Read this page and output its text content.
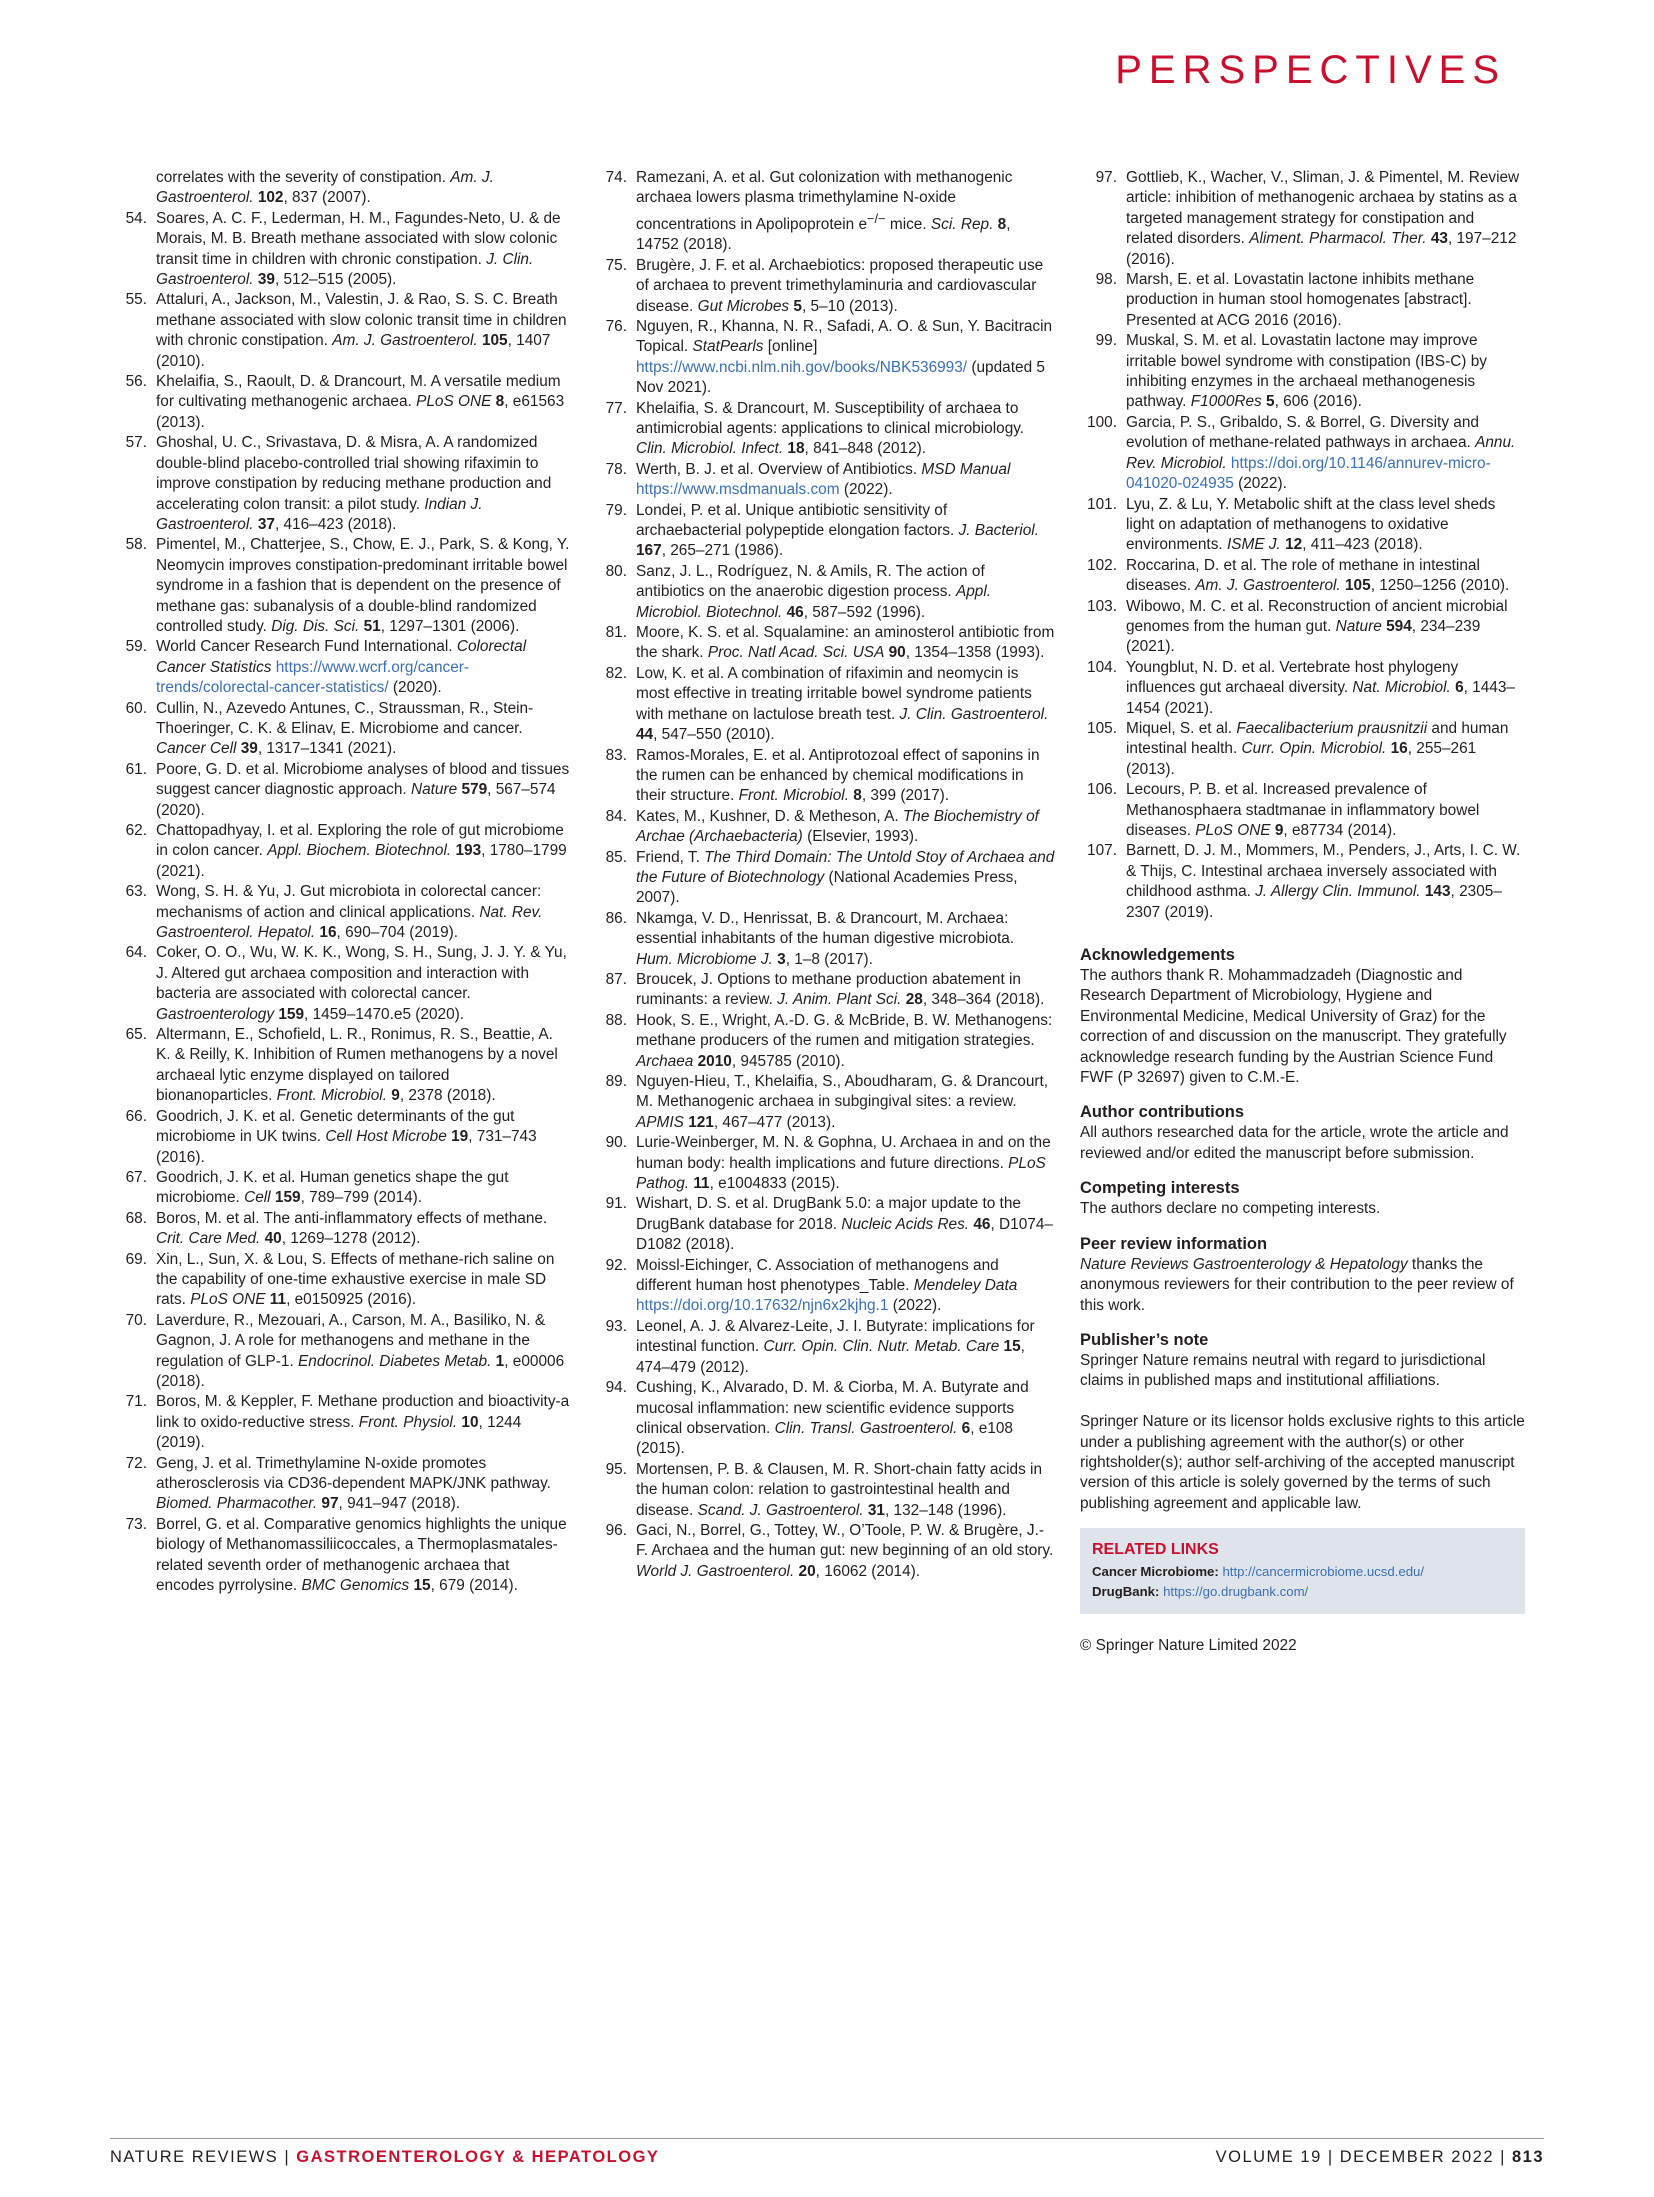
PERSPECTIVES

correlates with the severity of constipation. Am. J. Gastroenterol. 102, 837 (2007).

54. Soares, A. C. F., Lederman, H. M., Fagundes-Neto, U. & de Morais, M. B. Breath methane associated with slow colonic transit time in children with chronic constipation. J. Clin. Gastroenterol. 39, 512–515 (2005).

55. Attaluri, A., Jackson, M., Valestin, J. & Rao, S. S. C. Breath methane associated with slow colonic transit time in children with chronic constipation. Am. J. Gastroenterol. 105, 1407 (2010).

56. Khelaifia, S., Raoult, D. & Drancourt, M. A versatile medium for cultivating methanogenic archaea. PLoS ONE 8, e61563 (2013).

57. Ghoshal, U. C., Srivastava, D. & Misra, A. A randomized double-blind placebo-controlled trial showing rifaximin to improve constipation by reducing methane production and accelerating colon transit: a pilot study. Indian J. Gastroenterol. 37, 416–423 (2018).

58. Pimentel, M., Chatterjee, S., Chow, E. J., Park, S. & Kong, Y. Neomycin improves constipation-predominant irritable bowel syndrome in a fashion that is dependent on the presence of methane gas: subanalysis of a double-blind randomized controlled study. Dig. Dis. Sci. 51, 1297–1301 (2006).

59. World Cancer Research Fund International. Colorectal Cancer Statistics https://www.wcrf.org/cancer-trends/colorectal-cancer-statistics/ (2020).

60. Cullin, N., Azevedo Antunes, C., Straussman, R., Stein-Thoeringer, C. K. & Elinav, E. Microbiome and cancer. Cancer Cell 39, 1317–1341 (2021).

61. Poore, G. D. et al. Microbiome analyses of blood and tissues suggest cancer diagnostic approach. Nature 579, 567–574 (2020).

62. Chattopadhyay, I. et al. Exploring the role of gut microbiome in colon cancer. Appl. Biochem. Biotechnol. 193, 1780–1799 (2021).

63. Wong, S. H. & Yu, J. Gut microbiota in colorectal cancer: mechanisms of action and clinical applications. Nat. Rev. Gastroenterol. Hepatol. 16, 690–704 (2019).

64. Coker, O. O., Wu, W. K. K., Wong, S. H., Sung, J. J. Y. & Yu, J. Altered gut archaea composition and interaction with bacteria are associated with colorectal cancer. Gastroenterology 159, 1459–1470.e5 (2020).

65. Altermann, E., Schofield, L. R., Ronimus, R. S., Beattie, A. K. & Reilly, K. Inhibition of Rumen methanogens by a novel archaeal lytic enzyme displayed on tailored bionanoparticles. Front. Microbiol. 9, 2378 (2018).

66. Goodrich, J. K. et al. Genetic determinants of the gut microbiome in UK twins. Cell Host Microbe 19, 731–743 (2016).

67. Goodrich, J. K. et al. Human genetics shape the gut microbiome. Cell 159, 789–799 (2014).

68. Boros, M. et al. The anti-inflammatory effects of methane. Crit. Care Med. 40, 1269–1278 (2012).

69. Xin, L., Sun, X. & Lou, S. Effects of methane-rich saline on the capability of one-time exhaustive exercise in male SD rats. PLoS ONE 11, e0150925 (2016).

70. Laverdure, R., Mezouari, A., Carson, M. A., Basiliko, N. & Gagnon, J. A role for methanogens and methane in the regulation of GLP-1. Endocrinol. Diabetes Metab. 1, e00006 (2018).

71. Boros, M. & Keppler, F. Methane production and bioactivity-a link to oxido-reductive stress. Front. Physiol. 10, 1244 (2019).

72. Geng, J. et al. Trimethylamine N-oxide promotes atherosclerosis via CD36-dependent MAPK/JNK pathway. Biomed. Pharmacother. 97, 941–947 (2018).

73. Borrel, G. et al. Comparative genomics highlights the unique biology of Methanomassiliicoccales, a Thermoplasmatales-related seventh order of methanogenic archaea that encodes pyrrolysine. BMC Genomics 15, 679 (2014).

74. Ramezani, A. et al. Gut colonization with methanogenic archaea lowers plasma trimethylamine N-oxide concentrations in Apolipoprotein e−/− mice. Sci. Rep. 8, 14752 (2018).

75. Brugère, J. F. et al. Archaebiotics: proposed therapeutic use of archaea to prevent trimethylaminuria and cardiovascular disease. Gut Microbes 5, 5–10 (2013).

76. Nguyen, R., Khanna, N. R., Safadi, A. O. & Sun, Y. Bacitracin Topical. StatPearls [online] https://www.ncbi.nlm.nih.gov/books/NBK536993/ (updated 5 Nov 2021).

77. Khelaifia, S. & Drancourt, M. Susceptibility of archaea to antimicrobial agents: applications to clinical microbiology. Clin. Microbiol. Infect. 18, 841–848 (2012).

78. Werth, B. J. et al. Overview of Antibiotics. MSD Manual https://www.msdmanuals.com (2022).

79. Londei, P. et al. Unique antibiotic sensitivity of archaebacterial polypeptide elongation factors. J. Bacteriol. 167, 265–271 (1986).

80. Sanz, J. L., Rodríguez, N. & Amils, R. The action of antibiotics on the anaerobic digestion process. Appl. Microbiol. Biotechnol. 46, 587–592 (1996).

81. Moore, K. S. et al. Squalamine: an aminosterol antibiotic from the shark. Proc. Natl Acad. Sci. USA 90, 1354–1358 (1993).

82. Low, K. et al. A combination of rifaximin and neomycin is most effective in treating irritable bowel syndrome patients with methane on lactulose breath test. J. Clin. Gastroenterol. 44, 547–550 (2010).

83. Ramos-Morales, E. et al. Antiprotozoal effect of saponins in the rumen can be enhanced by chemical modifications in their structure. Front. Microbiol. 8, 399 (2017).

84. Kates, M., Kushner, D. & Metheson, A. The Biochemistry of Archae (Archaebacteria) (Elsevier, 1993).

85. Friend, T. The Third Domain: The Untold Stoy of Archaea and the Future of Biotechnology (National Academies Press, 2007).

86. Nkamga, V. D., Henrissat, B. & Drancourt, M. Archaea: essential inhabitants of the human digestive microbiota. Hum. Microbiome J. 3, 1–8 (2017).

87. Broucek, J. Options to methane production abatement in ruminants: a review. J. Anim. Plant Sci. 28, 348–364 (2018).

88. Hook, S. E., Wright, A.-D. G. & McBride, B. W. Methanogens: methane producers of the rumen and mitigation strategies. Archaea 2010, 945785 (2010).

89. Nguyen-Hieu, T., Khelaifia, S., Aboudharam, G. & Drancourt, M. Methanogenic archaea in subgingival sites: a review. APMIS 121, 467–477 (2013).

90. Lurie-Weinberger, M. N. & Gophna, U. Archaea in and on the human body: health implications and future directions. PLoS Pathog. 11, e1004833 (2015).

91. Wishart, D. S. et al. DrugBank 5.0: a major update to the DrugBank database for 2018. Nucleic Acids Res. 46, D1074–D1082 (2018).

92. Moissl-Eichinger, C. Association of methanogens and different human host phenotypes_Table. Mendeley Data https://doi.org/10.17632/njn6x2kjhg.1 (2022).

93. Leonel, A. J. & Alvarez-Leite, J. I. Butyrate: implications for intestinal function. Curr. Opin. Clin. Nutr. Metab. Care 15, 474–479 (2012).

94. Cushing, K., Alvarado, D. M. & Ciorba, M. A. Butyrate and mucosal inflammation: new scientific evidence supports clinical observation. Clin. Transl. Gastroenterol. 6, e108 (2015).

95. Mortensen, P. B. & Clausen, M. R. Short-chain fatty acids in the human colon: relation to gastrointestinal health and disease. Scand. J. Gastroenterol. 31, 132–148 (1996).

96. Gaci, N., Borrel, G., Tottey, W., O’Toole, P. W. & Brugère, J.-F. Archaea and the human gut: new beginning of an old story. World J. Gastroenterol. 20, 16062 (2014).

97. Gottlieb, K., Wacher, V., Sliman, J. & Pimentel, M. Review article: inhibition of methanogenic archaea by statins as a targeted management strategy for constipation and related disorders. Aliment. Pharmacol. Ther. 43, 197–212 (2016).

98. Marsh, E. et al. Lovastatin lactone inhibits methane production in human stool homogenates [abstract]. Presented at ACG 2016 (2016).

99. Muskal, S. M. et al. Lovastatin lactone may improve irritable bowel syndrome with constipation (IBS-C) by inhibiting enzymes in the archaeal methanogenesis pathway. F1000Res 5, 606 (2016).

100. Garcia, P. S., Gribaldo, S. & Borrel, G. Diversity and evolution of methane-related pathways in archaea. Annu. Rev. Microbiol. https://doi.org/10.1146/annurev-micro-041020-024935 (2022).

101. Lyu, Z. & Lu, Y. Metabolic shift at the class level sheds light on adaptation of methanogens to oxidative environments. ISME J. 12, 411–423 (2018).

102. Roccarina, D. et al. The role of methane in intestinal diseases. Am. J. Gastroenterol. 105, 1250–1256 (2010).

103. Wibowo, M. C. et al. Reconstruction of ancient microbial genomes from the human gut. Nature 594, 234–239 (2021).

104. Youngblut, N. D. et al. Vertebrate host phylogeny influences gut archaeal diversity. Nat. Microbiol. 6, 1443–1454 (2021).

105. Miquel, S. et al. Faecalibacterium prausnitzii and human intestinal health. Curr. Opin. Microbiol. 16, 255–261 (2013).

106. Lecours, P. B. et al. Increased prevalence of Methanosphaera stadtmanae in inflammatory bowel diseases. PLoS ONE 9, e87734 (2014).

107. Barnett, D. J. M., Mommers, M., Penders, J., Arts, I. C. W. & Thijs, C. Intestinal archaea inversely associated with childhood asthma. J. Allergy Clin. Immunol. 143, 2305–2307 (2019).

Acknowledgements

The authors thank R. Mohammadzadeh (Diagnostic and Research Department of Microbiology, Hygiene and Environmental Medicine, Medical University of Graz) for the correction of and discussion on the manuscript. They gratefully acknowledge research funding by the Austrian Science Fund FWF (P 32697) given to C.M.-E.

Author contributions

All authors researched data for the article, wrote the article and reviewed and/or edited the manuscript before submission.

Competing interests

The authors declare no competing interests.

Peer review information

Nature Reviews Gastroenterology & Hepatology thanks the anonymous reviewers for their contribution to the peer review of this work.

Publisher’s note

Springer Nature remains neutral with regard to jurisdictional claims in published maps and institutional affiliations.

Springer Nature or its licensor holds exclusive rights to this article under a publishing agreement with the author(s) or other rightsholder(s); author self-archiving of the accepted manuscript version of this article is solely governed by the terms of such publishing agreement and applicable law.

RELATED LINKS
Cancer Microbiome: http://cancermicrobiome.ucsd.edu/
DrugBank: https://go.drugbank.com/
© Springer Nature Limited 2022
NATURE REVIEWS | GASTROENTEROLOGY & HEPATOLOGY	VOLUME 19 | DECEMBER 2022 | 813
